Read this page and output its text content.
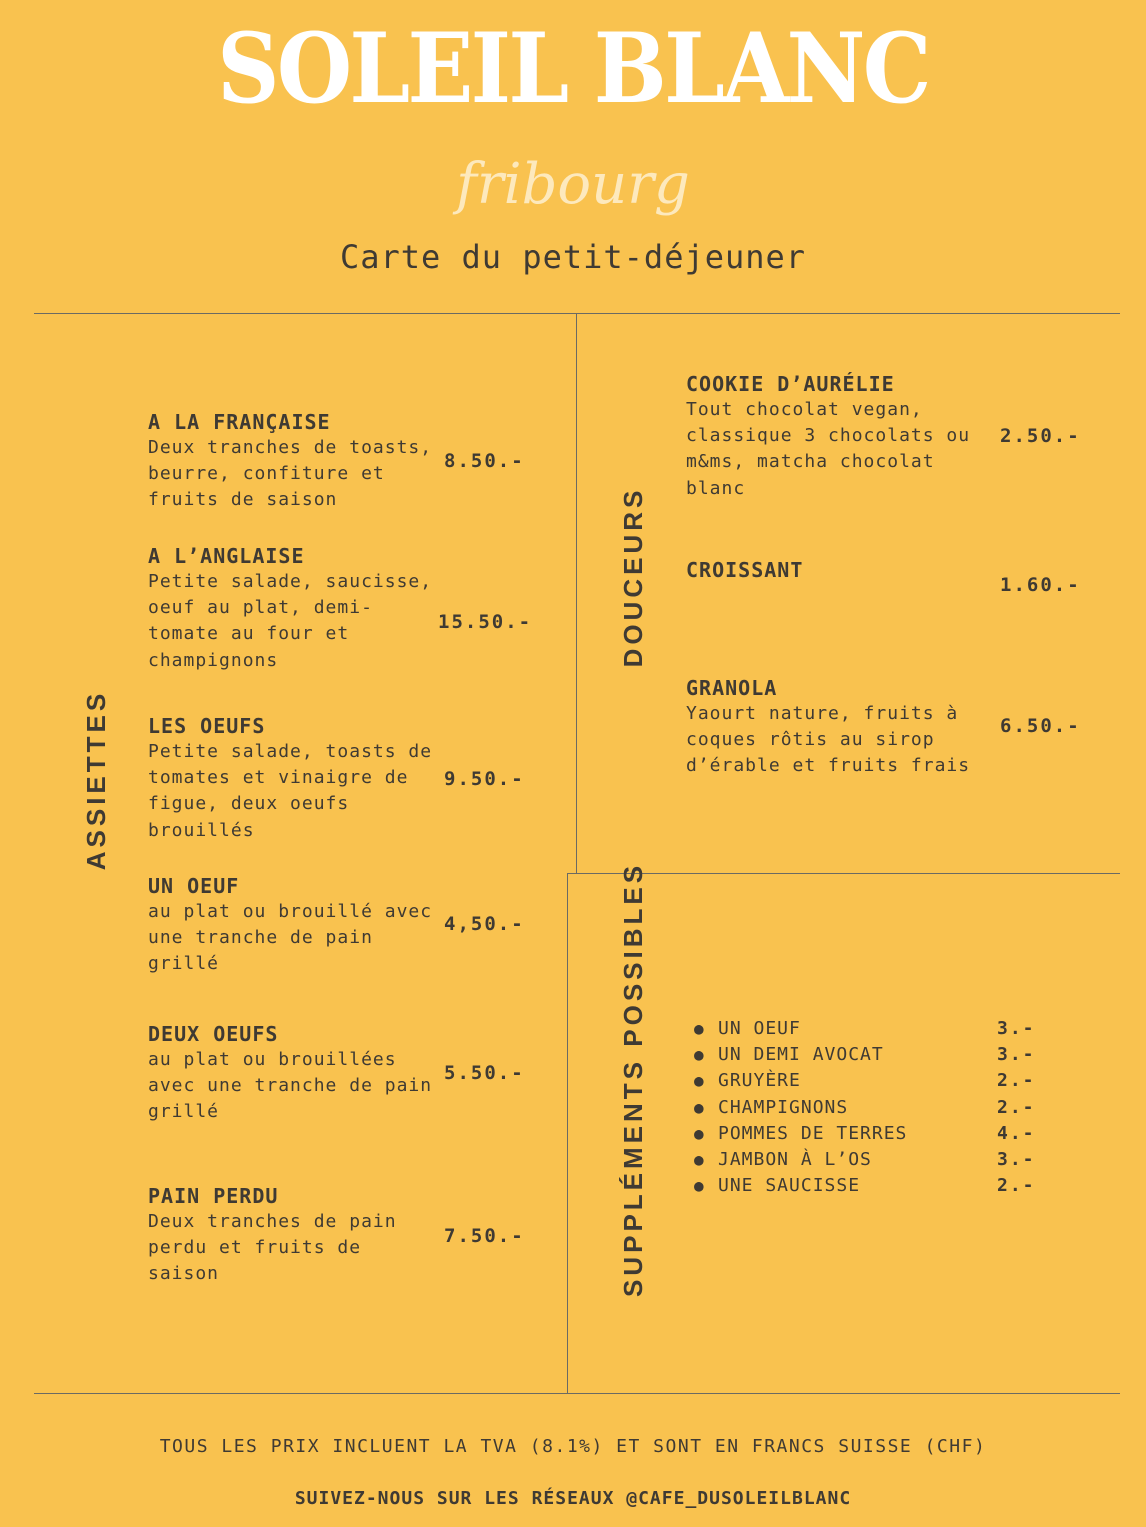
SOLEIL BLANC
fribourg
Carte du petit-déjeuner
ASSIETTES
DOUCEURS
SUPPLÉMENTS POSSIBLES
A LA FRANÇAISE
Deux tranches de toasts,
beurre, confiture et
fruits de saison
8.50.-
A L’ANGLAISE
Petite salade, saucisse,
oeuf au plat, demi-
tomate au four et
champignons
15.50.-
LES OEUFS
Petite salade, toasts de
tomates et vinaigre de
figue, deux oeufs
brouillés
9.50.-
UN OEUF
au plat ou brouillé avec
une tranche de pain
grillé
4,50.-
DEUX OEUFS
au plat ou brouillées
avec une tranche de pain
grillé
5.50.-
PAIN PERDU
Deux tranches de pain
perdu et fruits de
saison
7.50.-
COOKIE D’AURÉLIE
Tout chocolat vegan,
classique 3 chocolats ou
m&ms, matcha chocolat
blanc
2.50.-
CROISSANT
1.60.-
GRANOLA
Yaourt nature, fruits à
coques rôtis au sirop
d’érable et fruits frais
6.50.-
● UN OEUF	3.-
● UN DEMI AVOCAT	3.-
● GRUYÈRE	2.-
● CHAMPIGNONS	2.-
● POMMES DE TERRES	4.-
● JAMBON À L’OS	3.-
● UNE SAUCISSE	2.-
TOUS LES PRIX INCLUENT LA TVA (8.1%) ET SONT EN FRANCS SUISSE (CHF)
SUIVEZ-NOUS SUR LES RÉSEAUX @CAFE_DUSOLEILBLANC
